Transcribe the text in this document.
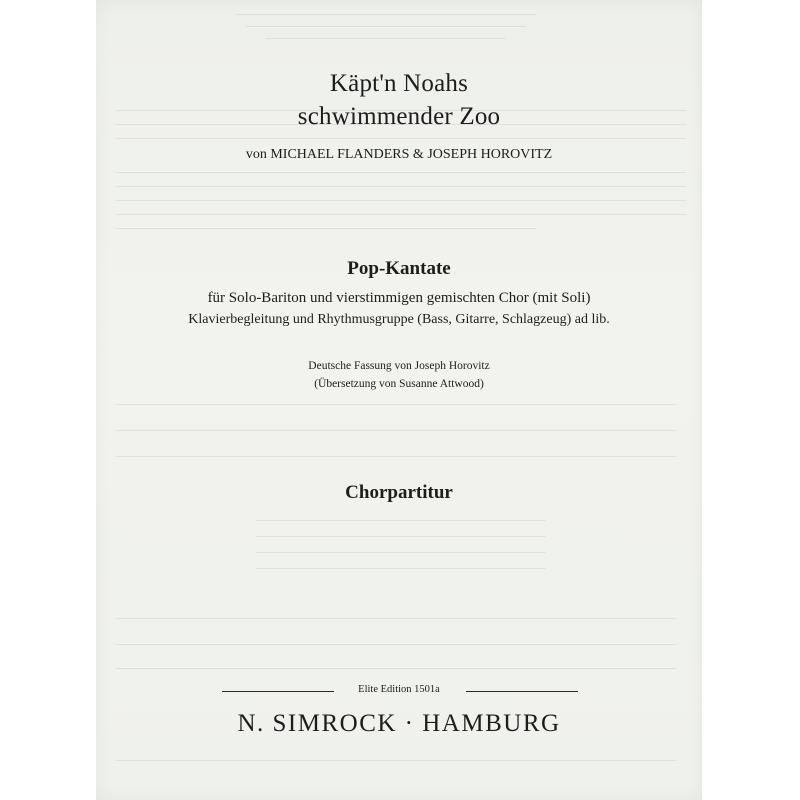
Käpt'n Noahs
schwimmender Zoo
von MICHAEL FLANDERS & JOSEPH HOROVITZ
Pop-Kantate
für Solo-Bariton und vierstimmigen gemischten Chor (mit Soli)
Klavierbegleitung und Rhythmusgruppe (Bass, Gitarre, Schlagzeug) ad lib.
Deutsche Fassung von Joseph Horovitz
(Übersetzung von Susanne Attwood)
Chorpartitur
Elite Edition 1501a
N. SIMROCK · HAMBURG
